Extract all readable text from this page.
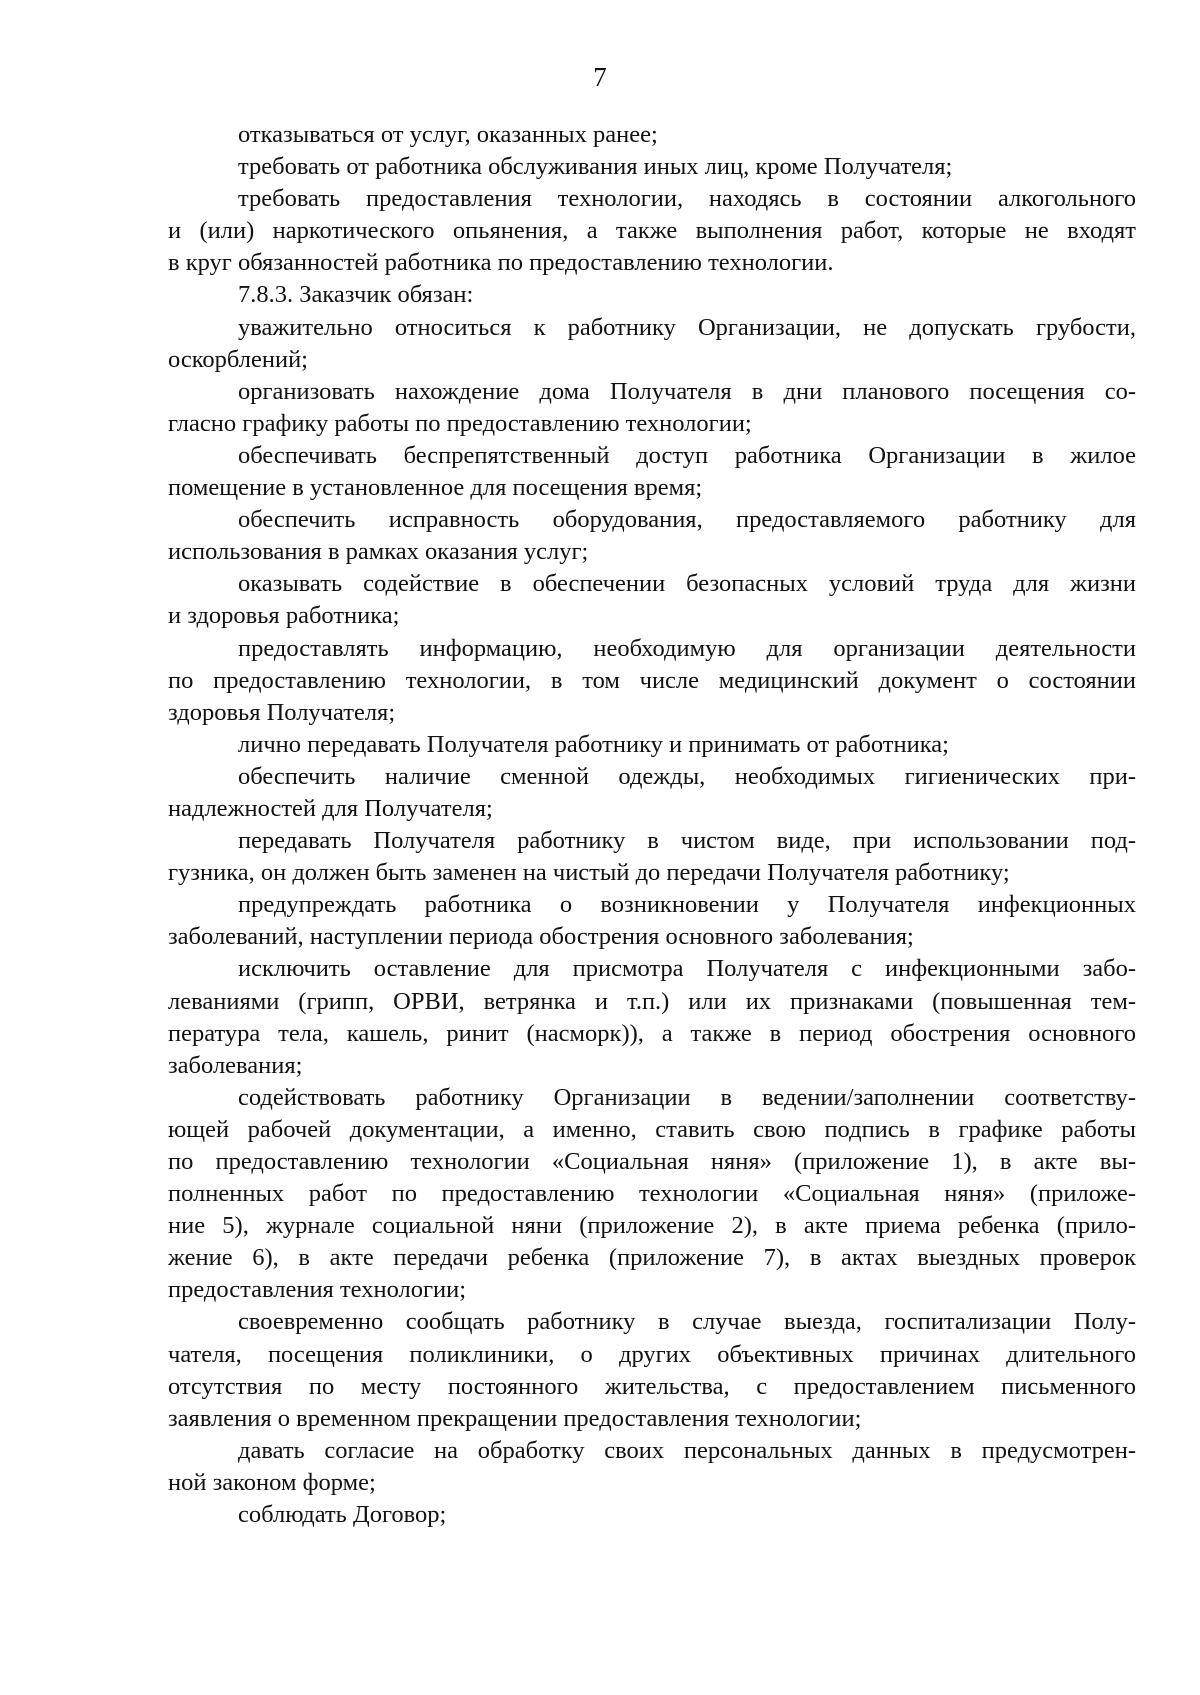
7

отказываться от услуг, оказанных ранее;

требовать от работника обслуживания иных лиц, кроме Получателя;

требовать предоставления технологии, находясь в состоянии алкогольного
и (или) наркотического опьянения, а также выполнения работ, которые не входят
в круг обязанностей работника по предоставлению технологии.

7.8.3. Заказчик обязан:

уважительно относиться к работнику Организации, не допускать грубости,
оскорблений;

организовать нахождение дома Получателя в дни планового посещения со-
гласно графику работы по предоставлению технологии;

обеспечивать беспрепятственный доступ работника Организации в жилое
помещение в установленное для посещения время;

обеспечить исправность оборудования, предоставляемого работнику для
использования в рамках оказания услуг;

оказывать содействие в обеспечении безопасных условий труда для жизни
и здоровья работника;

предоставлять информацию, необходимую для организации деятельности
по предоставлению технологии, в том числе медицинский документ о состоянии
здоровья Получателя;

лично передавать Получателя работнику и принимать от работника;

обеспечить наличие сменной одежды, необходимых гигиенических при-
надлежностей для Получателя;

передавать Получателя работнику в чистом виде, при использовании под-
гузника, он должен быть заменен на чистый до передачи Получателя работнику;

предупреждать работника о возникновении у Получателя инфекционных
заболеваний, наступлении периода обострения основного заболевания;

исключить оставление для присмотра Получателя с инфекционными забо-
леваниями (грипп, ОРВИ, ветрянка и т.п.) или их признаками (повышенная тем-
пература тела, кашель, ринит (насморк)), а также в период обострения основного
заболевания;

содействовать работнику Организации в ведении/заполнении соответству-
ющей рабочей документации, а именно, ставить свою подпись в графике работы
по предоставлению технологии «Социальная няня» (приложение 1), в акте вы-
полненных работ по предоставлению технологии «Социальная няня» (приложе-
ние 5), журнале социальной няни (приложение 2), в акте приема ребенка (прило-
жение 6), в акте передачи ребенка (приложение 7), в актах выездных проверок
предоставления технологии;

своевременно сообщать работнику в случае выезда, госпитализации Полу-
чателя, посещения поликлиники, о других объективных причинах длительного
отсутствия по месту постоянного жительства, с предоставлением письменного
заявления о временном прекращении предоставления технологии;

давать согласие на обработку своих персональных данных в предусмотрен-
ной законом форме;

соблюдать Договор;
